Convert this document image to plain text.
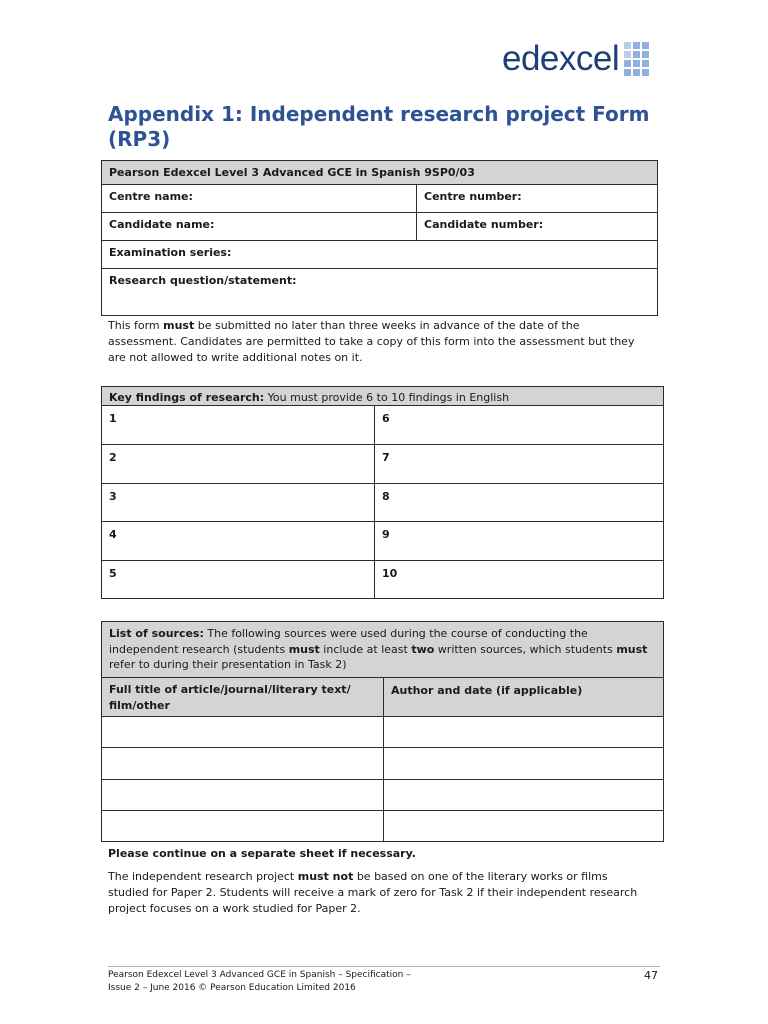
edexcel
Appendix 1: Independent research project Form (RP3)
Pearson Edexcel Level 3 Advanced GCE in Spanish 9SP0/03	
Centre name:	Centre number:
Candidate name:	Candidate number:
Examination series:	
Research question/statement:	

This form must be submitted no later than three weeks in advance of the date of the assessment. Candidates are permitted to take a copy of this form into the assessment but they are not allowed to write additional notes on it.

Key findings of research: You must provide 6 to 10 findings in English	
1	6
2	7
3	8
4	9
5	10
List of sources: The following sources were used during the course of conducting the independent research (students must include at least two written sources, which students must refer to during their presentation in Task 2)	
Full title of article/journal/literary text/ film/other	Author and date (if applicable)

Please continue on a separate sheet if necessary.

The independent research project must not be based on one of the literary works or films studied for Paper 2. Students will receive a mark of zero for Task 2 if their independent research project focuses on a work studied for Paper 2.

Pearson Edexcel Level 3 Advanced GCE in Spanish – Specification –
Issue 2 – June 2016 © Pearson Education Limited 2016
47
